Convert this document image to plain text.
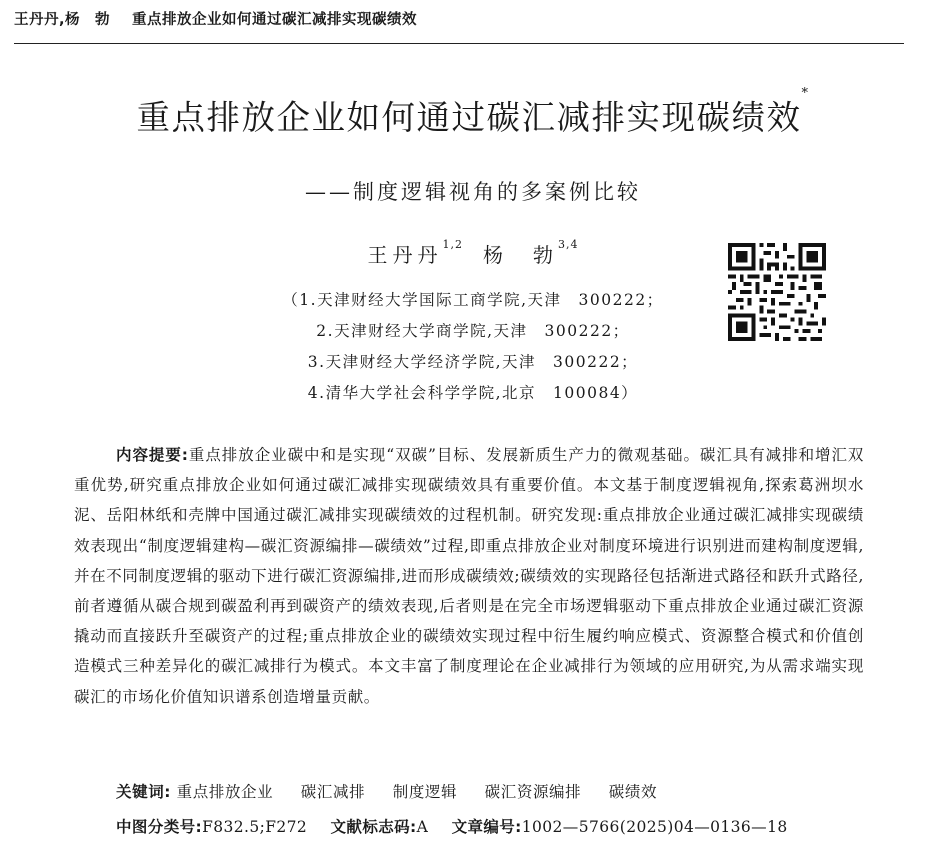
王丹丹,杨　勃 重点排放企业如何通过碳汇减排实现碳绩效
重点排放企业如何通过碳汇减排实现碳绩效*
——制度逻辑视角的多案例比较
王丹丹$^{1,2}$ 杨　勃$^{3,4}$
（1.天津财经大学国际工商学院,天津　300222；
2.天津财经大学商学院,天津　300222；
3.天津财经大学经济学院,天津　300222；
4.清华大学社会科学学院,北京　100084）

内容提要:重点排放企业碳中和是实现“双碳”目标、发展新质生产力的微观基础。碳汇具有减排和增汇双重优势,研究重点排放企业如何通过碳汇减排实现碳绩效具有重要价值。本文基于制度逻辑视角,探索葛洲坝水泥、岳阳林纸和壳牌中国通过碳汇减排实现碳绩效的过程机制。研究发现:重点排放企业通过碳汇减排实现碳绩效表现出“制度逻辑建构—碳汇资源编排—碳绩效”过程,即重点排放企业对制度环境进行识别进而建构制度逻辑,并在不同制度逻辑的驱动下进行碳汇资源编排,进而形成碳绩效;碳绩效的实现路径包括渐进式路径和跃升式路径,前者遵循从碳合规到碳盈利再到碳资产的绩效表现,后者则是在完全市场逻辑驱动下重点排放企业通过碳汇资源撬动而直接跃升至碳资产的过程;重点排放企业的碳绩效实现过程中衍生履约响应模式、资源整合模式和价值创造模式三种差异化的碳汇减排行为模式。本文丰富了制度理论在企业减排行为领域的应用研究,为从需求端实现碳汇的市场化价值知识谱系创造增量贡献。

关键词: 重点排放企业 碳汇减排 制度逻辑 碳汇资源编排 碳绩效
中图分类号:F832.5;F272 文献标志码:A 文章编号:1002—5766(2025)04—0136—18
